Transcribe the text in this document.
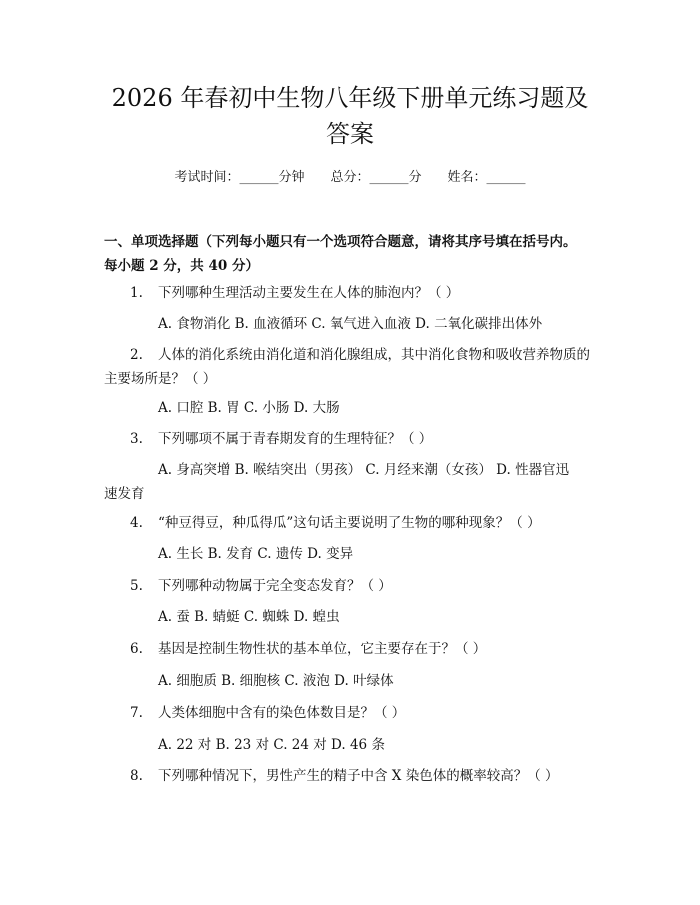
2026 年春初中生物八年级下册单元练习题及
答案
考试时间：______分钟 总分：______分 姓名：______
一、单项选择题（下列每小题只有一个选项符合题意，请将其序号填在括号内。
每小题 2 分，共 40 分）
1. 下列哪种生理活动主要发生在人体的肺泡内？（ ）
A. 食物消化 B. 血液循环 C. 氧气进入血液 D. 二氧化碳排出体外
2. 人体的消化系统由消化道和消化腺组成，其中消化食物和吸收营养物质的
主要场所是？（ ）
A. 口腔 B. 胃 C. 小肠 D. 大肠
3. 下列哪项不属于青春期发育的生理特征？（ ）
A. 身高突增 B. 喉结突出（男孩） C. 月经来潮（女孩） D. 性器官迅
速发育
4. “种豆得豆，种瓜得瓜”这句话主要说明了生物的哪种现象？（ ）
A. 生长 B. 发育 C. 遗传 D. 变异
5. 下列哪种动物属于完全变态发育？（ ）
A. 蚕 B. 蜻蜓 C. 蜘蛛 D. 蝗虫
6. 基因是控制生物性状的基本单位，它主要存在于？（ ）
A. 细胞质 B. 细胞核 C. 液泡 D. 叶绿体
7. 人类体细胞中含有的染色体数目是？（ ）
A. 22 对 B. 23 对 C. 24 对 D. 46 条
8. 下列哪种情况下，男性产生的精子中含 X 染色体的概率较高？（ ）
